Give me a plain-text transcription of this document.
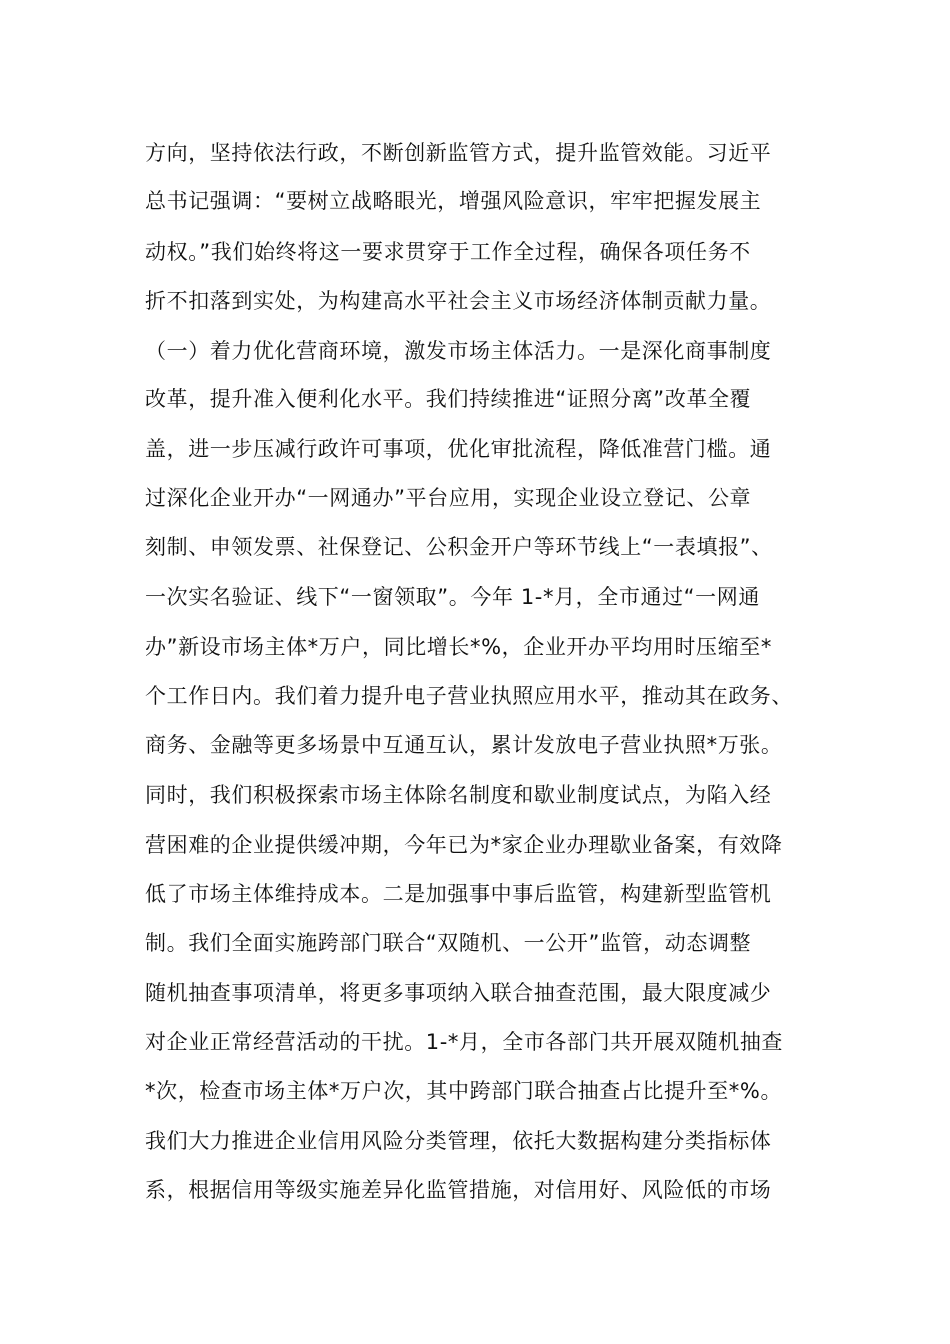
方向，坚持依法行政，不断创新监管方式，提升监管效能。习近平
总书记强调：“要树立战略眼光，增强风险意识，牢牢把握发展主
动权。”我们始终将这一要求贯穿于工作全过程，确保各项任务不
折不扣落到实处，为构建高水平社会主义市场经济体制贡献力量。
（一）着力优化营商环境，激发市场主体活力。一是深化商事制度
改革，提升准入便利化水平。我们持续推进“证照分离”改革全覆
盖，进一步压减行政许可事项，优化审批流程，降低准营门槛。通
过深化企业开办“一网通办”平台应用，实现企业设立登记、公章
刻制、申领发票、社保登记、公积金开户等环节线上“一表填报”、
一次实名验证、线下“一窗领取”。今年 1-*月，全市通过“一网通
办”新设市场主体*万户，同比增长*%，企业开办平均用时压缩至*
个工作日内。我们着力提升电子营业执照应用水平，推动其在政务、
商务、金融等更多场景中互通互认，累计发放电子营业执照*万张。
同时，我们积极探索市场主体除名制度和歇业制度试点，为陷入经
营困难的企业提供缓冲期，今年已为*家企业办理歇业备案，有效降
低了市场主体维持成本。二是加强事中事后监管，构建新型监管机
制。我们全面实施跨部门联合“双随机、一公开”监管，动态调整
随机抽查事项清单，将更多事项纳入联合抽查范围，最大限度减少
对企业正常经营活动的干扰。1-*月，全市各部门共开展双随机抽查
*次，检查市场主体*万户次，其中跨部门联合抽查占比提升至*%。
我们大力推进企业信用风险分类管理，依托大数据构建分类指标体
系，根据信用等级实施差异化监管措施，对信用好、风险低的市场
